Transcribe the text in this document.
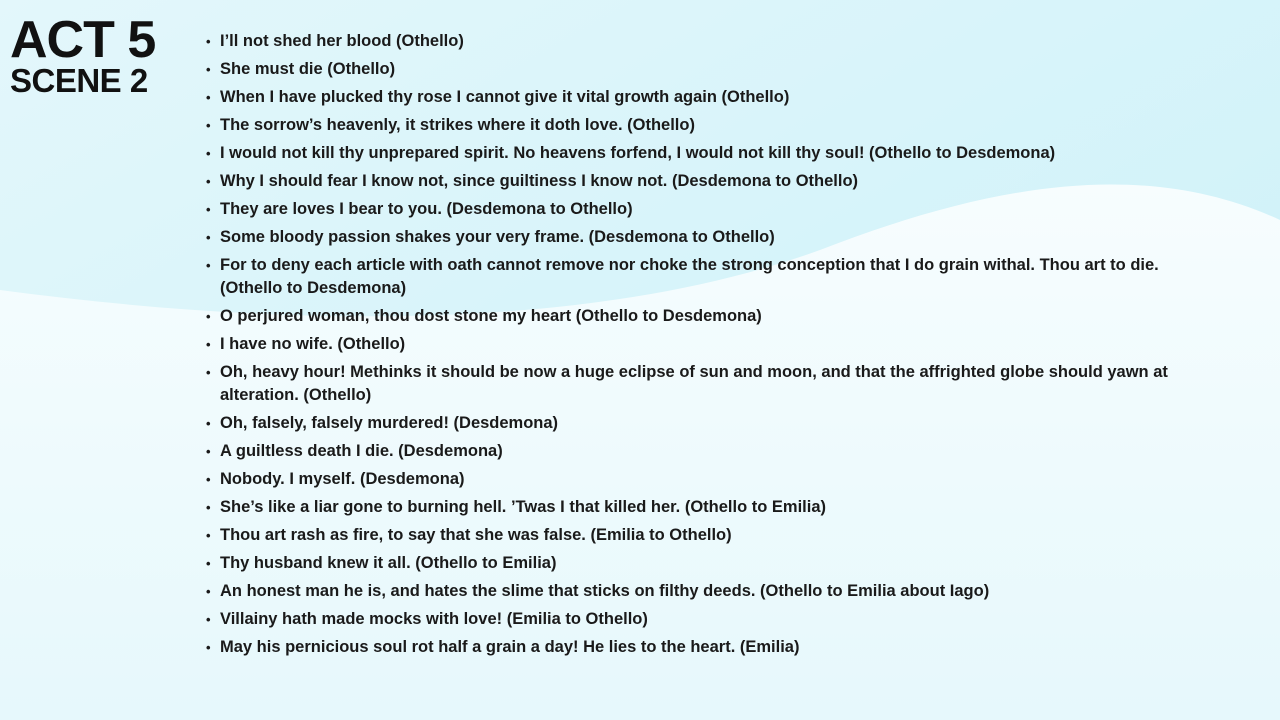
ACT 5
SCENE 2
• I’ll not shed her blood (Othello)
• She must die (Othello)
• When I have plucked thy rose I cannot give it vital growth again (Othello)
• The sorrow’s heavenly, it strikes where it doth love. (Othello)
• I would not kill thy unprepared spirit. No heavens forfend, I would not kill thy soul! (Othello to Desdemona)
• Why I should fear I know not, since guiltiness I know not. (Desdemona to Othello)
• They are loves I bear to you. (Desdemona to Othello)
• Some bloody passion shakes your very frame. (Desdemona to Othello)
• For to deny each article with oath cannot remove nor choke the strong conception that I do grain withal. Thou art to die. (Othello to Desdemona)
• O perjured woman, thou dost stone my heart (Othello to Desdemona)
• I have no wife. (Othello)
• Oh, heavy hour! Methinks it should be now a huge eclipse of sun and moon, and that the affrighted globe should yawn at alteration. (Othello)
• Oh, falsely, falsely murdered! (Desdemona)
• A guiltless death I die. (Desdemona)
• Nobody. I myself. (Desdemona)
• She’s like a liar gone to burning hell. ’Twas I that killed her. (Othello to Emilia)
• Thou art rash as fire, to say that she was false. (Emilia to Othello)
• Thy husband knew it all. (Othello to Emilia)
• An honest man he is, and hates the slime that sticks on filthy deeds. (Othello to Emilia about Iago)
• Villainy hath made mocks with love! (Emilia to Othello)
• May his pernicious soul rot half a grain a day! He lies to the heart. (Emilia)
